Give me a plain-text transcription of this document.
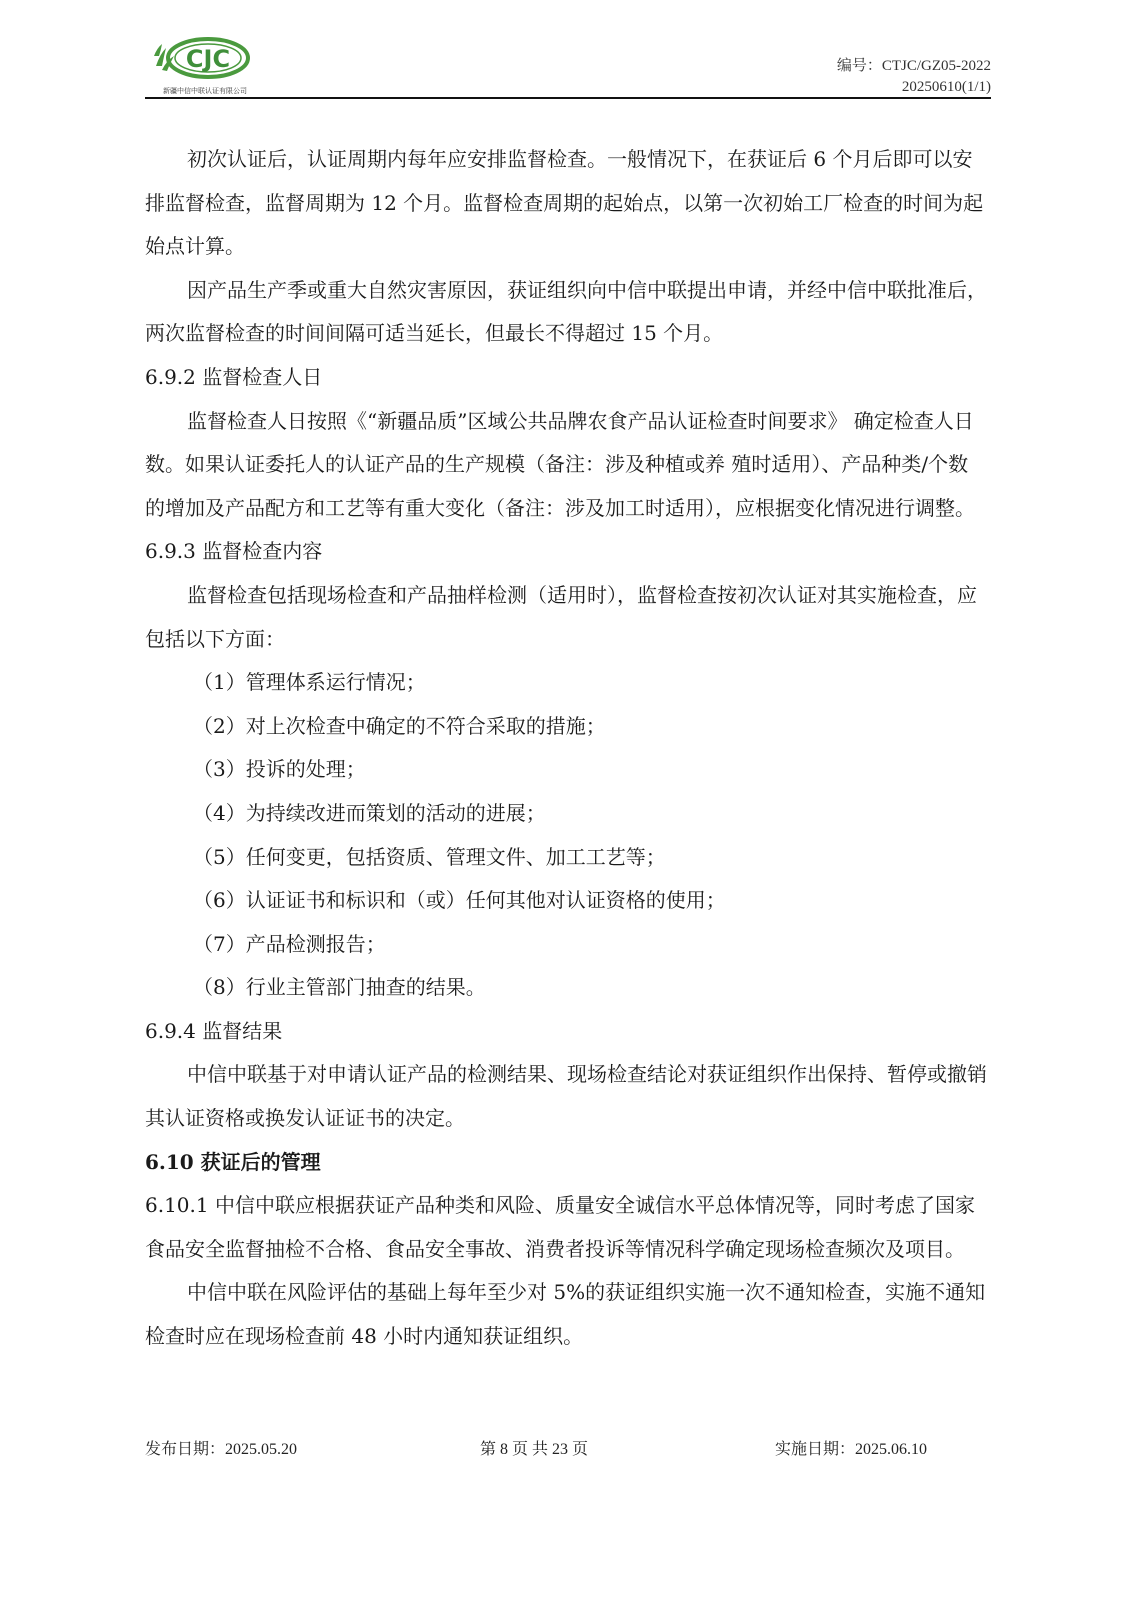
CJC
新疆中信中联认证有限公司
编号：CTJC/GZ05-2022
20250610(1/1)

初次认证后，认证周期内每年应安排监督检查。一般情况下，在获证后 6 个月后即可以安排监督检查，监督周期为 12 个月。监督检查周期的起始点，以第一次初始工厂检查的时间为起始点计算。

因产品生产季或重大自然灾害原因，获证组织向中信中联提出申请，并经中信中联批准后，两次监督检查的时间间隔可适当延长，但最长不得超过 15 个月。

6.9.2 监督检查人日

监督检查人日按照《“新疆品质”区域公共品牌农食产品认证检查时间要求》 确定检查人日数。如果认证委托人的认证产品的生产规模（备注：涉及种植或养 殖时适用）、产品种类/个数的增加及产品配方和工艺等有重大变化（备注：涉及加工时适用），应根据变化情况进行调整。

6.9.3 监督检查内容

监督检查包括现场检查和产品抽样检测（适用时），监督检查按初次认证对其实施检查，应包括以下方面：

（1）管理体系运行情况；

（2）对上次检查中确定的不符合采取的措施；

（3）投诉的处理；

（4）为持续改进而策划的活动的进展；

（5）任何变更，包括资质、管理文件、加工工艺等；

（6）认证证书和标识和（或）任何其他对认证资格的使用；

（7）产品检测报告；

（8）行业主管部门抽查的结果。

6.9.4 监督结果

中信中联基于对申请认证产品的检测结果、现场检查结论对获证组织作出保持、暂停或撤销其认证资格或换发认证证书的决定。

6.10 获证后的管理

6.10.1 中信中联应根据获证产品种类和风险、质量安全诚信水平总体情况等，同时考虑了国家食品安全监督抽检不合格、食品安全事故、消费者投诉等情况科学确定现场检查频次及项目。

中信中联在风险评估的基础上每年至少对 5%的获证组织实施一次不通知检查，实施不通知检查时应在现场检查前 48 小时内通知获证组织。

发布日期：2025.05.20	第 8 页 共 23 页	实施日期：2025.06.10
